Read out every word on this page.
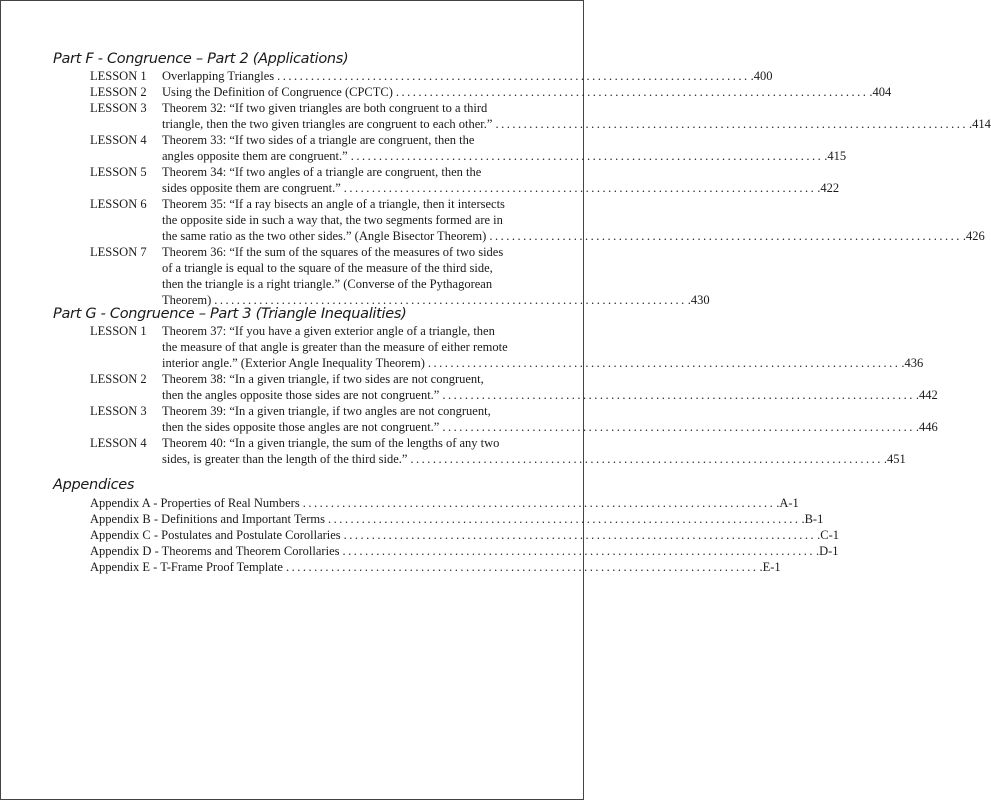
Part F - Congruence – Part 2 (Applications)
LESSON 1 Overlapping Triangles .................................................................................... .400
LESSON 2 Using the Definition of Congruence (CPCTC) .................................................................................... .404
LESSON 3 Theorem 32: “If two given triangles are both congruent to a third
triangle, then the two given triangles are congruent to each other.” .................................................................................... .414
LESSON 4 Theorem 33: “If two sides of a triangle are congruent, then the
angles opposite them are congruent.” .................................................................................... .415
LESSON 5 Theorem 34: “If two angles of a triangle are congruent, then the
sides opposite them are congruent.” .................................................................................... .422
LESSON 6 Theorem 35: “If a ray bisects an angle of a triangle, then it intersects
the opposite side in such a way that, the two segments formed are in
the same ratio as the two other sides.” (Angle Bisector Theorem) .................................................................................... .426
LESSON 7 Theorem 36: “If the sum of the squares of the measures of two sides
of a triangle is equal to the square of the measure of the third side,
then the triangle is a right triangle.” (Converse of the Pythagorean
Theorem) .................................................................................... .430
Part G - Congruence – Part 3 (Triangle Inequalities)
LESSON 1 Theorem 37: “If you have a given exterior angle of a triangle, then
the measure of that angle is greater than the measure of either remote
interior angle.” (Exterior Angle Inequality Theorem) .................................................................................... .436
LESSON 2 Theorem 38: “In a given triangle, if two sides are not congruent,
then the angles opposite those sides are not congruent.” .................................................................................... .442
LESSON 3 Theorem 39: “In a given triangle, if two angles are not congruent,
then the sides opposite those angles are not congruent.” .................................................................................... .446
LESSON 4 Theorem 40: “In a given triangle, the sum of the lengths of any two
sides, is greater than the length of the third side.” .................................................................................... .451
Appendices
Appendix A - Properties of Real Numbers .................................................................................... .A-1
Appendix B - Definitions and Important Terms .................................................................................... .B-1
Appendix C - Postulates and Postulate Corollaries .................................................................................... .C-1
Appendix D - Theorems and Theorem Corollaries .................................................................................... .D-1
Appendix E - T-Frame Proof Template .................................................................................... .E-1
